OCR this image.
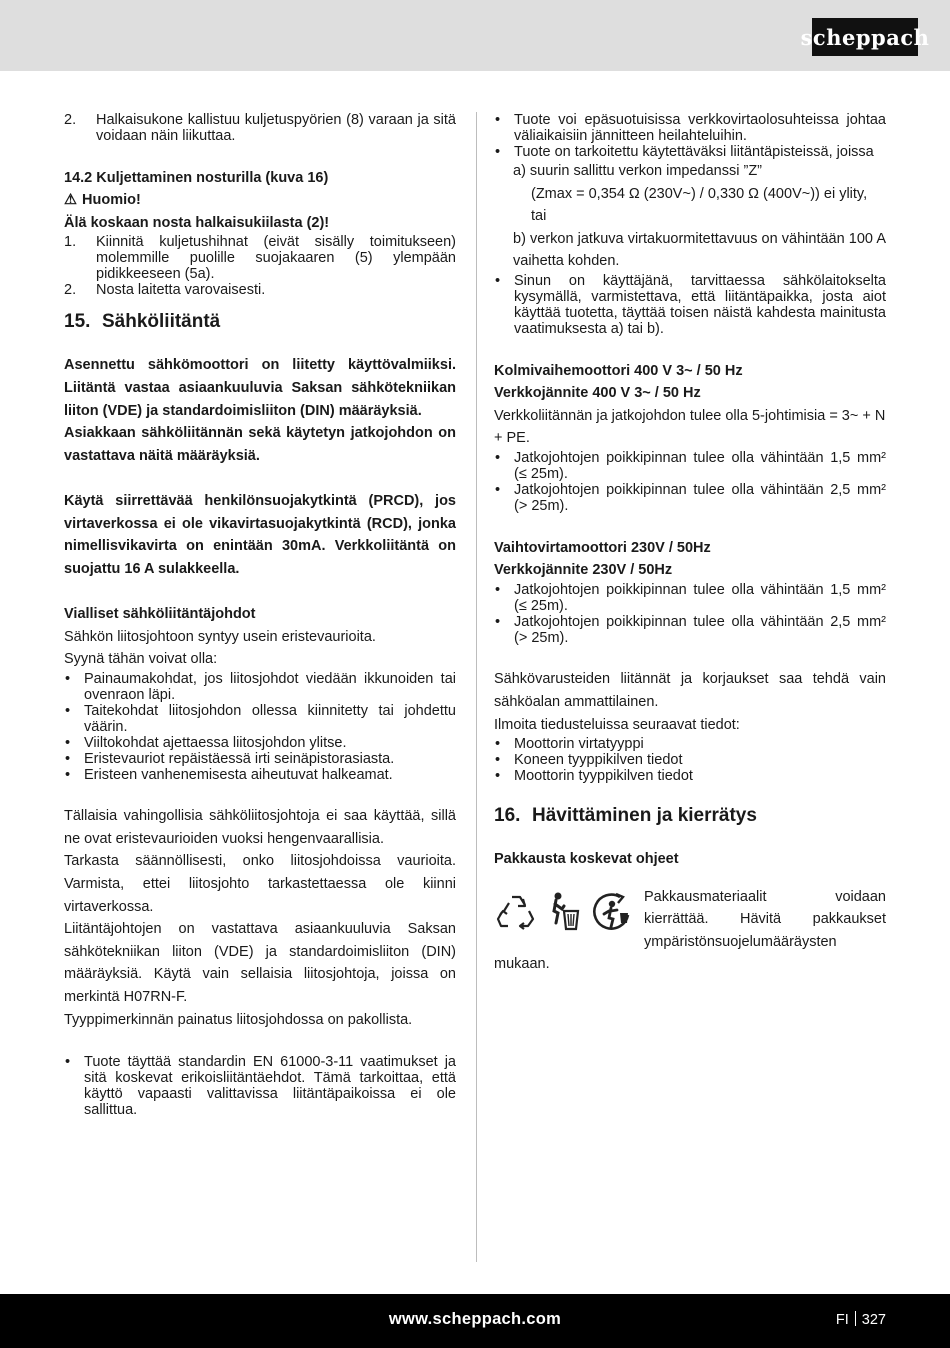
scheppach
2.	Halkaisukone kallistuu kuljetuspyörien (8) varaan ja sitä voidaan näin liikuttaa.

14.2 Kuljettaminen nosturilla (kuva 16)

⚠ Huomio!

Älä koskaan nosta halkaisukiilasta (2)!

1.	Kiinnitä kuljetushihnat (eivät sisälly toimitukseen) molemmille puolille suojakaaren (5) ylempään pidikkeeseen (5a).
2.	Nosta laitetta varovaisesti.
15. Sähköliitäntä

Asennettu sähkömoottori on liitetty käyttövalmiiksi. Liitäntä vastaa asiaankuuluvia Saksan sähkötekniikan liiton (VDE) ja standardoimisliiton (DIN) määräyksiä.

Asiakkaan sähköliitännän sekä käytetyn jatkojohdon on vastattava näitä määräyksiä.

Käytä siirrettävää henkilönsuojakytkintä (PRCD), jos virtaverkossa ei ole vikavirtasuojakytkintä (RCD), jonka nimellisvikavirta on enintään 30mA. Verkkoliitäntä on suojattu 16 A sulakkeella.

Vialliset sähköliitäntäjohdot

Sähkön liitosjohtoon syntyy usein eristevaurioita.

Syynä tähän voivat olla:

• Painaumakohdat, jos liitosjohdot viedään ikkunoiden tai ovenraon läpi.
• Taitekohdat liitosjohdon ollessa kiinnitetty tai johdettu väärin.
• Viiltokohdat ajettaessa liitosjohdon ylitse.
• Eristevauriot repäistäessä irti seinäpistorasiasta.
• Eristeen vanhenemisesta aiheutuvat halkeamat.

Tällaisia vahingollisia sähköliitosjohtoja ei saa käyttää, sillä ne ovat eristevaurioiden vuoksi hengenvaarallisia.

Tarkasta säännöllisesti, onko liitosjohdoissa vaurioita. Varmista, ettei liitosjohto tarkastettaessa ole kiinni virtaverkossa.

Liitäntäjohtojen on vastattava asiaankuuluvia Saksan sähkötekniikan liiton (VDE) ja standardoimisliiton (DIN) määräyksiä. Käytä vain sellaisia liitosjohtoja, joissa on merkintä H07RN-F.

Tyyppimerkinnän painatus liitosjohdossa on pakollista.

• Tuote täyttää standardin EN 61000-3-11 vaatimukset ja sitä koskevat erikoisliitäntäehdot. Tämä tarkoittaa, että käyttö vapaasti valittavissa liitäntäpaikoissa ei ole sallittua.
• Tuote voi epäsuotuisissa verkkovirtaolosuhteissa johtaa väliaikaisiin jännitteen heilahteluihin.
• Tuote on tarkoitettu käytettäväksi liitäntäpisteissä, joissa

a) suurin sallittu verkon impedanssi ”Z”

(Zmax = 0,354 Ω (230V~) / 0,330 Ω (400V~)) ei ylity, tai

b) verkon jatkuva virtakuormitettavuus on vähintään 100 A vaihetta kohden.

• Sinun on käyttäjänä, tarvittaessa sähkölaitokselta kysymällä, varmistettava, että liitäntäpaikka, josta aiot käyttää tuotetta, täyttää toisen näistä kahdesta mainitusta vaatimuksesta a) tai b).

Kolmivaihemoottori 400 V 3~ / 50 Hz

Verkkojännite 400 V 3~ / 50 Hz

Verkkoliitännän ja jatkojohdon tulee olla 5-johtimisia = 3~ + N + PE.

• Jatkojohtojen poikkipinnan tulee olla vähintään 1,5 mm² (≤ 25m).
• Jatkojohtojen poikkipinnan tulee olla vähintään 2,5 mm² (> 25m).

Vaihtovirtamoottori 230V / 50Hz

Verkkojännite 230V / 50Hz

• Jatkojohtojen poikkipinnan tulee olla vähintään 1,5 mm² (≤ 25m).
• Jatkojohtojen poikkipinnan tulee olla vähintään 2,5 mm² (> 25m).

Sähkövarusteiden liitännät ja korjaukset saa tehdä vain sähköalan ammattilainen.

Ilmoita tiedusteluissa seuraavat tiedot:

• Moottorin virtatyyppi
• Koneen tyyppikilven tiedot
• Moottorin tyyppikilven tiedot
16. Hävittäminen ja kierrätys

Pakkausta koskevat ohjeet

Pakkausmateriaalit voidaan kierrättää. Hävitä pakkaukset ympäristönsuojelumääräysten mukaan.

www.scheppach.com	FI 327
